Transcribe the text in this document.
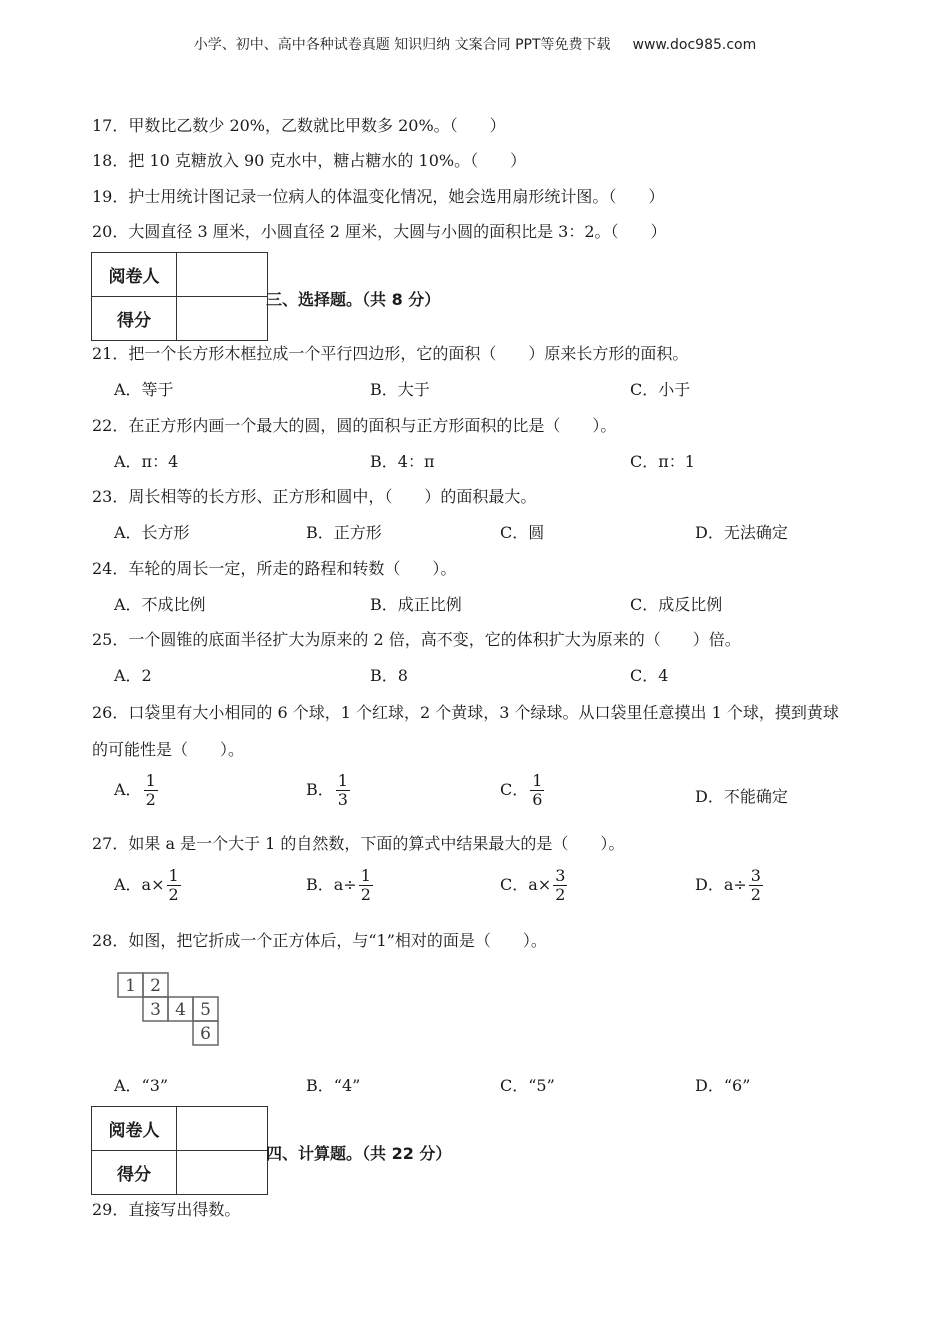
小学、初中、高中各种试卷真题 知识归纳 文案合同 PPT等免费下载 www.doc985.com
17．甲数比乙数少 20%，乙数就比甲数多 20%。（　　）
18．把 10 克糖放入 90 克水中，糖占糖水的 10%。（　　）
19．护士用统计图记录一位病人的体温变化情况，她会选用扇形统计图。（　　）
20．大圆直径 3 厘米，小圆直径 2 厘米，大圆与小圆的面积比是 3：2。（　　）
阅卷人	
得分	
三、选择题。（共 8 分）
21．把一个长方形木框拉成一个平行四边形，它的面积（　　）原来长方形的面积。
A．等于	B．大于	C．小于
22．在正方形内画一个最大的圆，圆的面积与正方形面积的比是（　　）。
A．π：4	B．4：π	C．π：1
23．周长相等的长方形、正方形和圆中，（　　）的面积最大。
A．长方形	B．正方形	C．圆	D．无法确定
24．车轮的周长一定，所走的路程和转数（　　）。
A．不成比例	B．成正比例	C．成反比例
25．一个圆锥的底面半径扩大为原来的 2 倍，高不变，它的体积扩大为原来的（　　）倍。
A．2	B．8	C．4
26．口袋里有大小相同的 6 个球，1 个红球，2 个黄球，3 个绿球。从口袋里任意摸出 1 个球，摸到黄球
的可能性是（　　）。
A． $\frac{1}{2}$	B． $\frac{1}{3}$	C． $\frac{1}{6}$	D．不能确定
27．如果 a 是一个大于 1 的自然数，下面的算式中结果最大的是（　　）。
A．$a\times \frac{1}{2}$	B．$a\div \frac{1}{2}$	C．$a\times \frac{3}{2}$	D．$a\div \frac{3}{2}$
28．如图，把它折成一个正方体后，与“1”相对的面是（　　）。
1 2
3 4 5
6
A．“3”	B．“4”	C．“5”	D．“6”
阅卷人	
得分	
四、计算题。（共 22 分）
29．直接写出得数。
